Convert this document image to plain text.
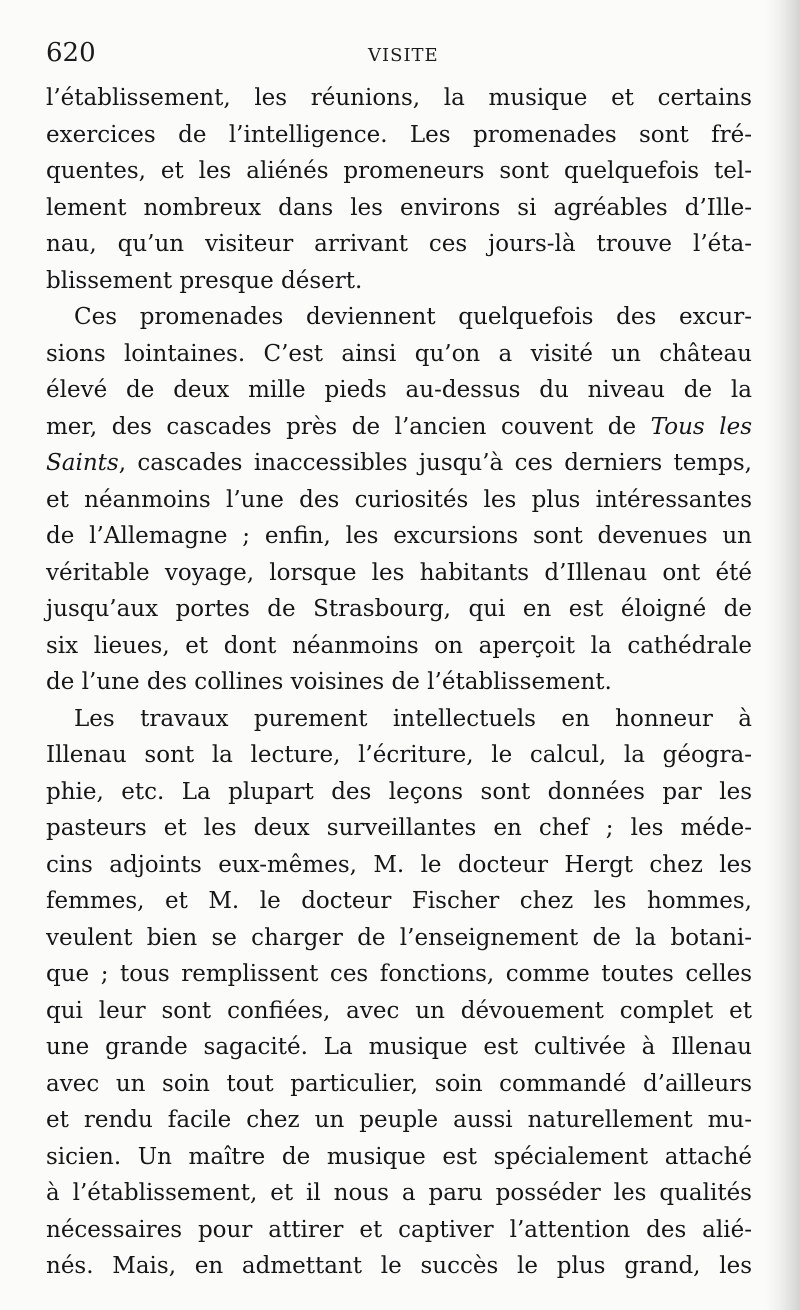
620	VISITE
l’établissement, les réunions, la musique et certains
exercices de l’intelligence. Les promenades sont fré-
quentes, et les aliénés promeneurs sont quelquefois tel-
lement nombreux dans les environs si agréables d’Ille-
nau, qu’un visiteur arrivant ces jours-là trouve l’éta-
blissement presque désert.
Ces promenades deviennent quelquefois des excur-
sions lointaines. C’est ainsi qu’on a visité un château
élevé de deux mille pieds au-dessus du niveau de la
mer, des cascades près de l’ancien couvent de Tous les
Saints, cascades inaccessibles jusqu’à ces derniers temps,
et néanmoins l’une des curiosités les plus intéressantes
de l’Allemagne ; enfin, les excursions sont devenues un
véritable voyage, lorsque les habitants d’Illenau ont été
jusqu’aux portes de Strasbourg, qui en est éloigné de
six lieues, et dont néanmoins on aperçoit la cathédrale
de l’une des collines voisines de l’établissement.
Les travaux purement intellectuels en honneur à
Illenau sont la lecture, l’écriture, le calcul, la géogra-
phie, etc. La plupart des leçons sont données par les
pasteurs et les deux surveillantes en chef ; les méde-
cins adjoints eux-mêmes, M. le docteur Hergt chez les
femmes, et M. le docteur Fischer chez les hommes,
veulent bien se charger de l’enseignement de la botani-
que ; tous remplissent ces fonctions, comme toutes celles
qui leur sont confiées, avec un dévouement complet et
une grande sagacité. La musique est cultivée à Illenau
avec un soin tout particulier, soin commandé d’ailleurs
et rendu facile chez un peuple aussi naturellement mu-
sicien. Un maître de musique est spécialement attaché
à l’établissement, et il nous a paru posséder les qualités
nécessaires pour attirer et captiver l’attention des alié-
nés. Mais, en admettant le succès le plus grand, les
